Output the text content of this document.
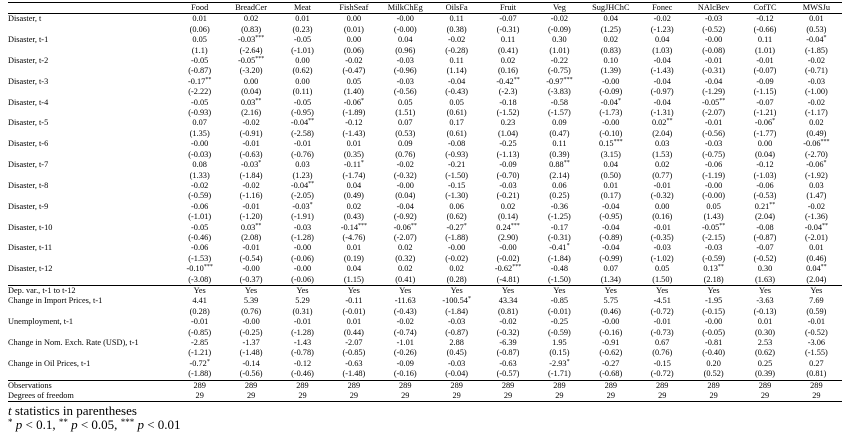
	Food	BreadCer	Meat	FishSeaf	MilkChEg	OilsFa	Fruit	Veg	SugJHChC	Fonec	NAlcBev	CofTC	MWSJu
Disaster, t	0.01	0.02	0.01	0.00	-0.00	0.11	-0.07	-0.02	0.04	-0.02	-0.03	-0.12	0.01
	(0.06)	(0.83)	(0.23)	(0.01)	(-0.00)	(0.38)	(-0.31)	(-0.09)	(1.25)	(-1.23)	(-0.52)	(-0.66)	(0.53)
Disaster, t-1	0.05	-0.03***	-0.05	0.00	0.04	-0.02	0.11	0.30	0.02	0.04	-0.00	0.11	-0.04*
	(1.1)	(-2.64)	(-1.01)	(0.06)	(0.96)	(-0.28)	(0.41)	(1.01)	(0.83)	(1.03)	(-0.08)	(1.01)	(-1.85)
Disaster, t-2	-0.05	-0.05***	0.00	-0.02	-0.03	0.11	0.02	-0.22	0.10	-0.04	-0.01	-0.01	-0.02
	(-0.87)	(-3.20)	(0.62)	(-0.47)	(-0.96)	(1.14)	(0.16)	(-0.75)	(1.39)	(-1.43)	(-0.31)	(-0.07)	(-0.71)
Disaster, t-3	-0.17**	0.00	0.00	0.05	-0.03	-0.04	-0.42**	-0.97***	-0.00	-0.04	-0.04	-0.09	-0.03
	(-2.22)	(0.04)	(0.11)	(1.40)	(-0.56)	(-0.43)	(-2.3)	(-3.83)	(-0.09)	(-0.97)	(-1.29)	(-1.15)	(-1.00)
Disaster, t-4	-0.05	0.03**	-0.05	-0.06*	0.05	0.05	-0.18	-0.58	-0.04*	-0.04	-0.05**	-0.07	-0.02
	(-0.93)	(2.16)	(-0.95)	(-1.89)	(1.51)	(0.61)	(-1.52)	(-1.57)	(-1.73)	(-1.31)	(-2.07)	(-1.21)	(-1.17)
Disaster, t-5	0.07	-0.02	-0.04**	-0.12	0.07	0.17	0.23	0.09	-0.00	0.02**	-0.01	-0.06*	0.02
	(1.35)	(-0.91)	(-2.58)	(-1.43)	(0.53)	(0.61)	(1.04)	(0.47)	(-0.10)	(2.04)	(-0.56)	(-1.77)	(0.49)
Disaster, t-6	-0.00	-0.01	-0.01	0.01	0.09	-0.08	-0.25	0.11	0.15***	0.03	-0.03	0.00	-0.06***
	(-0.03)	(-0.63)	(-0.76)	(0.35)	(0.76)	(-0.93)	(-1.13)	(0.39)	(3.15)	(1.53)	(-0.75)	(0.04)	(-2.70)
Disaster, t-7	0.08	-0.03*	0.03	-0.11*	-0.02	-0.21	-0.09	0.88**	0.04	0.02	-0.06	-0.12	-0.06*
	(1.33)	(-1.84)	(1.23)	(-1.74)	(-0.32)	(-1.50)	(-0.70)	(2.14)	(0.50)	(0.77)	(-1.19)	(-1.03)	(-1.92)
Disaster, t-8	-0.02	-0.02	-0.04**	0.04	-0.00	-0.15	-0.03	0.06	0.01	-0.01	-0.00	-0.06	0.03
	(-0.59)	(-1.16)	(-2.05)	(0.49)	(0.04)	(-1.30)	(-0.21)	(0.25)	(0.17)	(-0.32)	(-0.00)	(-0.53)	(1.47)
Disaster, t-9	-0.06	-0.01	-0.03*	0.02	-0.04	0.06	0.02	-0.36	-0.04	0.00	0.05	0.21**	-0.02
	(-1.01)	(-1.20)	(-1.91)	(0.43)	(-0.92)	(0.62)	(0.14)	(-1.25)	(-0.95)	(0.16)	(1.43)	(2.04)	(-1.36)
Disaster, t-10	-0.05	0.03**	-0.03	-0.14***	-0.06**	-0.27*	0.24***	-0.17	-0.04	-0.01	-0.05**	-0.08	-0.04**
	(-0.46)	(2.08)	(-1.28)	(-4.76)	(-2.07)	(-1.88)	(2.90)	(-0.31)	(-0.89)	(-0.35)	(-2.15)	(-0.87)	(-2.01)
Disaster, t-11	-0.06	-0.01	-0.00	0.01	0.02	-0.00	-0.00	-0.41*	-0.04	-0.03	-0.03	-0.07	0.01
	(-1.53)	(-0.54)	(-0.06)	(0.19)	(0.32)	(-0.02)	(-0.02)	(-1.84)	(-0.99)	(-1.02)	(-0.59)	(-0.52)	(0.46)
Disaster, t-12	-0.10***	-0.00	-0.00	0.04	0.02	0.02	-0.62***	-0.48	0.07	0.05	0.13**	0.30	0.04**
	(-3.08)	(-0.37)	(-0.06)	(1.15)	(0.41)	(0.28)	(-4.81)	(-1.50)	(1.34)	(1.50)	(2.18)	(1.63)	(2.04)
Dep. var., t-1 to t-12	Yes	Yes	Yes	Yes	Yes	Yes	Yes	Yes	Yes	Yes	Yes	Yes	Yes
Change in Import Prices, t-1	4.41	5.39	5.29	-0.11	-11.63	-100.54*	43.34	-0.85	5.75	-4.51	-1.95	-3.63	7.69
	(0.28)	(0.76)	(0.31)	(-0.01)	(-0.43)	(-1.84)	(0.81)	(-0.01)	(0.46)	(-0.72)	(-0.15)	(-0.13)	(0.59)
Unemployment, t-1	-0.01	-0.00	-0.01	0.01	-0.02	-0.03	-0.02	-0.25	-0.00	-0.01	-0.00	0.01	-0.01
	(-0.85)	(-0.25)	(-1.28)	(0.44)	(-0.74)	(-0.87)	(-0.32)	(-0.59)	(-0.16)	(-0.73)	(-0.05)	(0.30)	(-0.52)
Change in Nom. Exch. Rate (USD), t-1	-2.85	-1.37	-1.43	-2.07	-1.01	2.88	-6.39	1.95	-0.91	0.67	-0.81	2.53	-3.06
	(-1.21)	(-1.48)	(-0.78)	(-0.85)	(-0.26)	(0.45)	(-0.87)	(0.15)	(-0.62)	(0.76)	(-0.40)	(0.62)	(-1.55)
Change in Oil Prices, t-1	-0.72*	-0.14	-0.12	-0.63	-0.09	-0.03	-0.63	-2.93*	-0.27	-0.15	0.20	0.25	0.27
	(-1.88)	(-0.56)	(-0.46)	(-1.48)	(-0.16)	(-0.04)	(-0.57)	(-1.71)	(-0.68)	(-0.72)	(0.52)	(0.39)	(0.81)
Observations	289	289	289	289	289	289	289	289	289	289	289	289	289
Degrees of freedom	29	29	29	29	29	29	29	29	29	29	29	29	29
t statistics in parentheses
* p < 0.1, ** p < 0.05, *** p < 0.01
